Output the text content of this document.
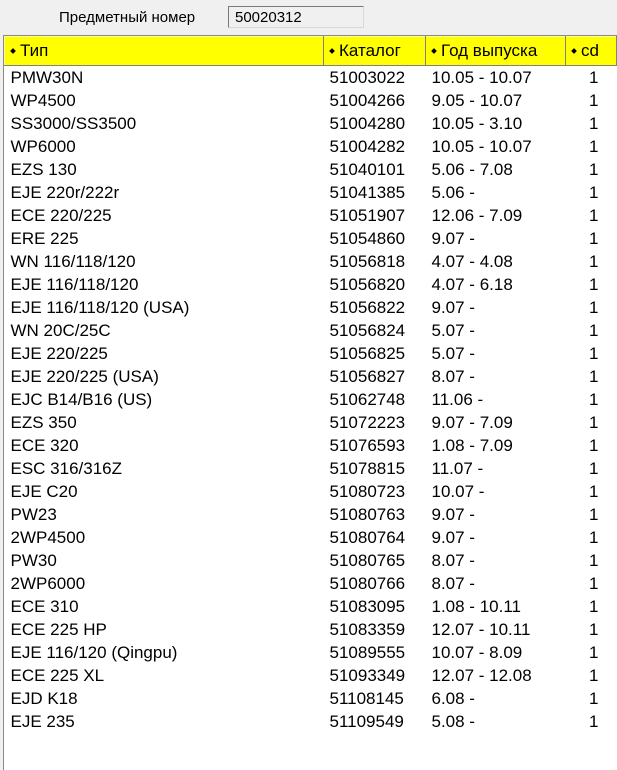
Предметный номер	50020312
Тип	Каталог	Год выпуска	cd

PMW30N	51003022	10.05 - 10.07	1
WP4500	51004266	9.05 - 10.07	1
SS3000/SS3500	51004280	10.05 - 3.10	1
WP6000	51004282	10.05 - 10.07	1
EZS 130	51040101	5.06 - 7.08	1
EJE 220r/222r	51041385	5.06 -	1
ECE 220/225	51051907	12.06 - 7.09	1
ERE 225	51054860	9.07 -	1
WN 116/118/120	51056818	4.07 - 4.08	1
EJE 116/118/120	51056820	4.07 - 6.18	1
EJE 116/118/120 (USA)	51056822	9.07 -	1
WN 20C/25C	51056824	5.07 -	1
EJE 220/225	51056825	5.07 -	1
EJE 220/225 (USA)	51056827	8.07 -	1
EJC B14/B16 (US)	51062748	11.06 -	1
EZS 350	51072223	9.07 - 7.09	1
ECE 320	51076593	1.08 - 7.09	1
ESC 316/316Z	51078815	11.07 -	1
EJE C20	51080723	10.07 -	1
PW23	51080763	9.07 -	1
2WP4500	51080764	9.07 -	1
PW30	51080765	8.07 -	1
2WP6000	51080766	8.07 -	1
ECE 310	51083095	1.08 - 10.11	1
ECE 225 HP	51083359	12.07 - 10.11	1
EJE 116/120 (Qingpu)	51089555	10.07 - 8.09	1
ECE 225 XL	51093349	12.07 - 12.08	1
EJD K18	51108145	6.08 -	1
EJE 235	51109549	5.08 -	1
